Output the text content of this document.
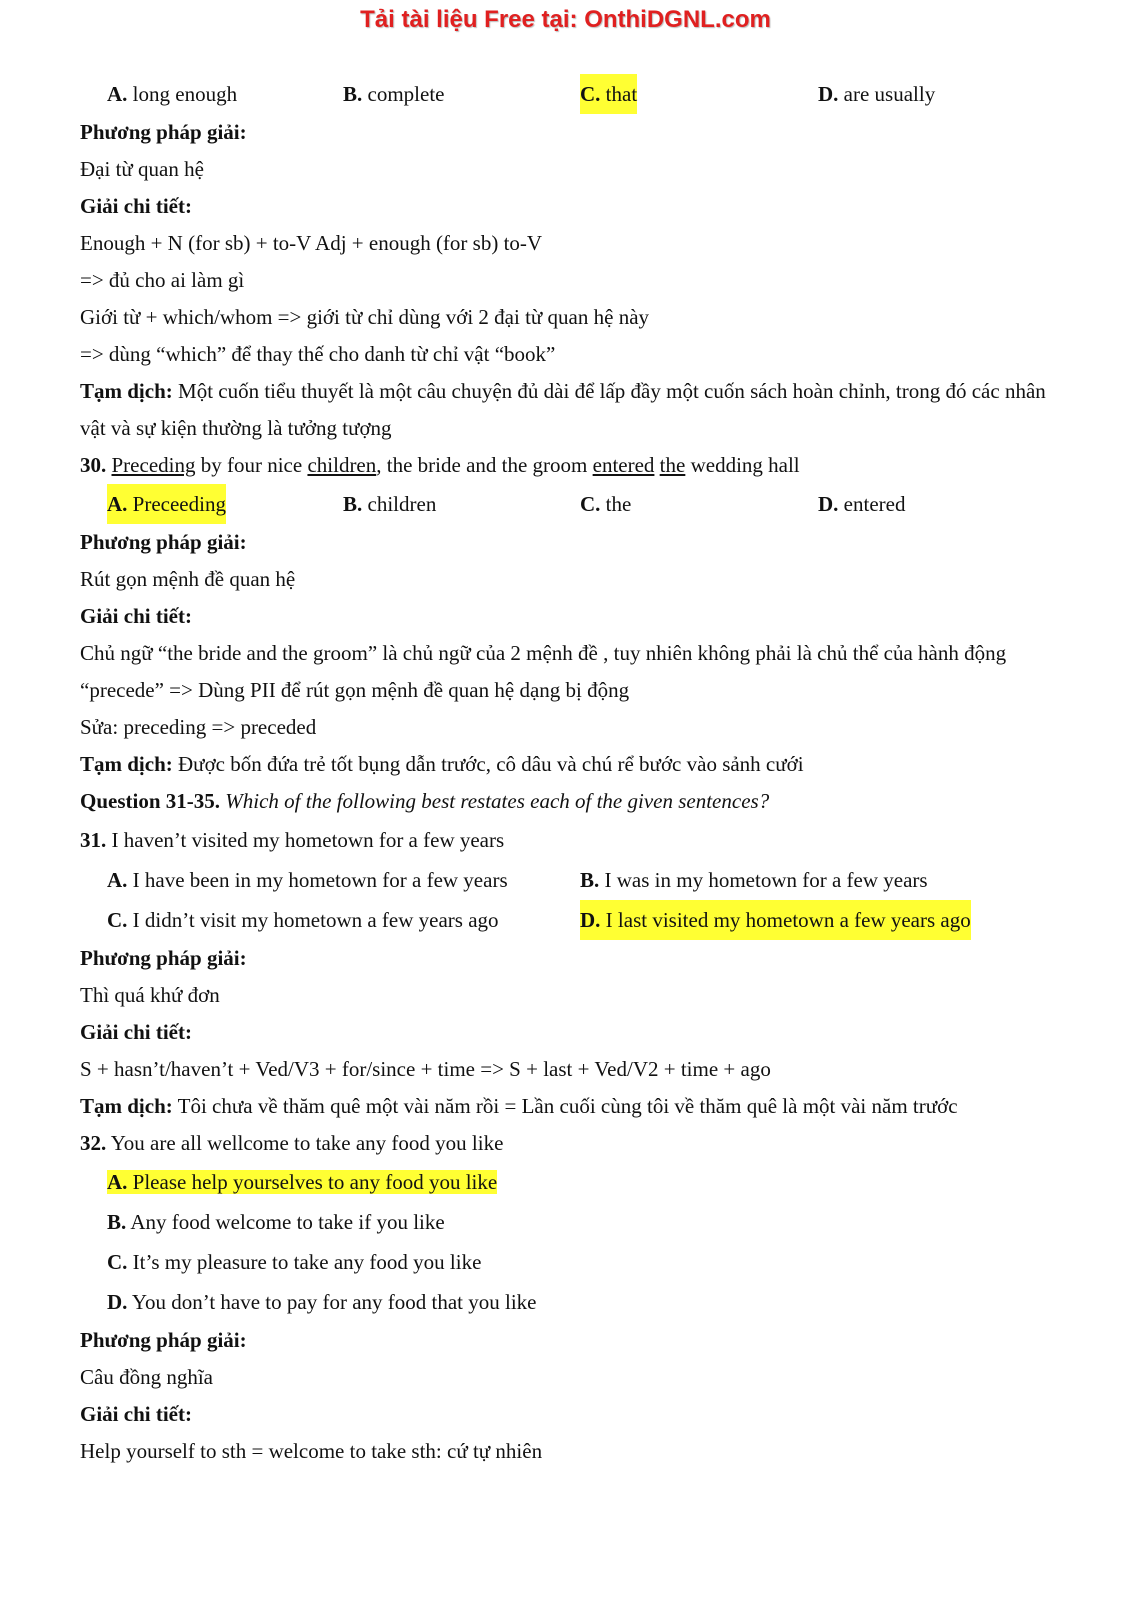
Tải tài liệu Free tại: OnthiDGNL.com
A. long enough	B. complete	C. that	D. are usually
Phương pháp giải:
Đại từ quan hệ
Giải chi tiết:
Enough + N (for sb) + to-V Adj + enough (for sb) to-V
=> đủ cho ai làm gì
Giới từ + which/whom => giới từ chỉ dùng với 2 đại từ quan hệ này
=> dùng “which” để thay thế cho danh từ chỉ vật “book”
Tạm dịch: Một cuốn tiểu thuyết là một câu chuyện đủ dài để lấp đầy một cuốn sách hoàn chỉnh, trong đó các nhân vật và sự kiện thường là tưởng tượng
30. Preceding by four nice children, the bride and the groom entered the wedding hall
A. Preceeding	B. children	C. the	D. entered
Phương pháp giải:
Rút gọn mệnh đề quan hệ
Giải chi tiết:
Chủ ngữ “the bride and the groom” là chủ ngữ của 2 mệnh đề , tuy nhiên không phải là chủ thể của hành động “precede” => Dùng PII để rút gọn mệnh đề quan hệ dạng bị động
Sửa: preceding => preceded
Tạm dịch: Được bốn đứa trẻ tốt bụng dẫn trước, cô dâu và chú rể bước vào sảnh cưới
Question 31-35. Which of the following best restates each of the given sentences?
31. I haven’t visited my hometown for a few years
A. I have been in my hometown for a few years	B. I was in my hometown for a few years
C. I didn’t visit my hometown a few years ago	D. I last visited my hometown a few years ago
Phương pháp giải:
Thì quá khứ đơn
Giải chi tiết:
S + hasn’t/haven’t + Ved/V3 + for/since + time => S + last + Ved/V2 + time + ago
Tạm dịch: Tôi chưa về thăm quê một vài năm rồi = Lần cuối cùng tôi về thăm quê là một vài năm trước
32. You are all wellcome to take any food you like
A. Please help yourselves to any food you like
B. Any food welcome to take if you like
C. It’s my pleasure to take any food you like
D. You don’t have to pay for any food that you like
Phương pháp giải:
Câu đồng nghĩa
Giải chi tiết:
Help yourself to sth = welcome to take sth: cứ tự nhiên
